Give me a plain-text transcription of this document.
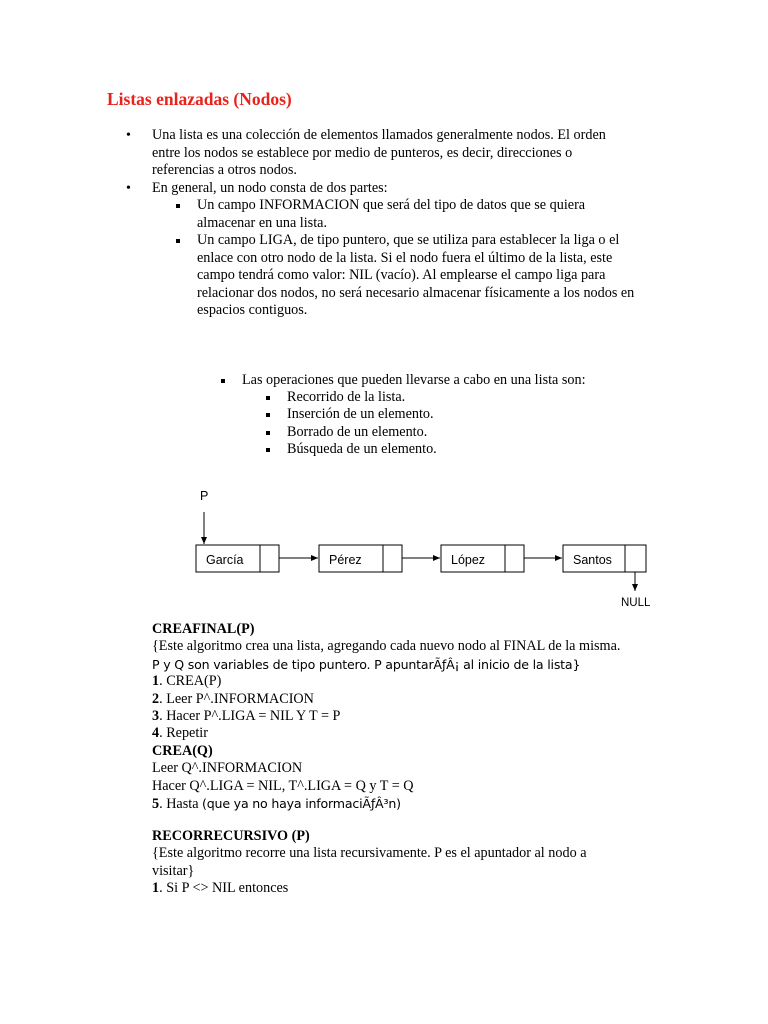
Listas enlazadas (Nodos)
• Una lista es una colección de elementos llamados generalmente nodos. El orden
entre los nodos se establece por medio de punteros, es decir, direcciones o
referencias a otros nodos.
• En general, un nodo consta de dos partes:
Un campo INFORMACION que será del tipo de datos que se quiera
almacenar en una lista.
Un campo LIGA, de tipo puntero, que se utiliza para establecer la liga o el
enlace con otro nodo de la lista. Si el nodo fuera el último de la lista, este
campo tendrá como valor: NIL (vacío). Al emplearse el campo liga para
relacionar dos nodos, no será necesario almacenar físicamente a los nodos en
espacios contiguos.
Las operaciones que pueden llevarse a cabo en una lista son:
Recorrido de la lista.
Inserción de un elemento.
Borrado de un elemento.
Búsqueda de un elemento.
P
García	Pérez	López	Santos
NULL
CREAFINAL(P)
{Este algoritmo crea una lista, agregando cada nuevo nodo al FINAL de la misma.
P y Q son variables de tipo puntero. P apuntarÃƒÂ¡ al inicio de la lista}
1. CREA(P)
2. Leer P^.INFORMACION
3. Hacer P^.LIGA = NIL Y T = P
4. Repetir
CREA(Q)
Leer Q^.INFORMACION
Hacer Q^.LIGA = NIL, T^.LIGA = Q y T = Q
5. Hasta (que ya no haya informaciÃƒÂ³n)
RECORRECURSIVO (P)
{Este algoritmo recorre una lista recursivamente. P es el apuntador al nodo a
visitar}
1. Si P <> NIL entonces
